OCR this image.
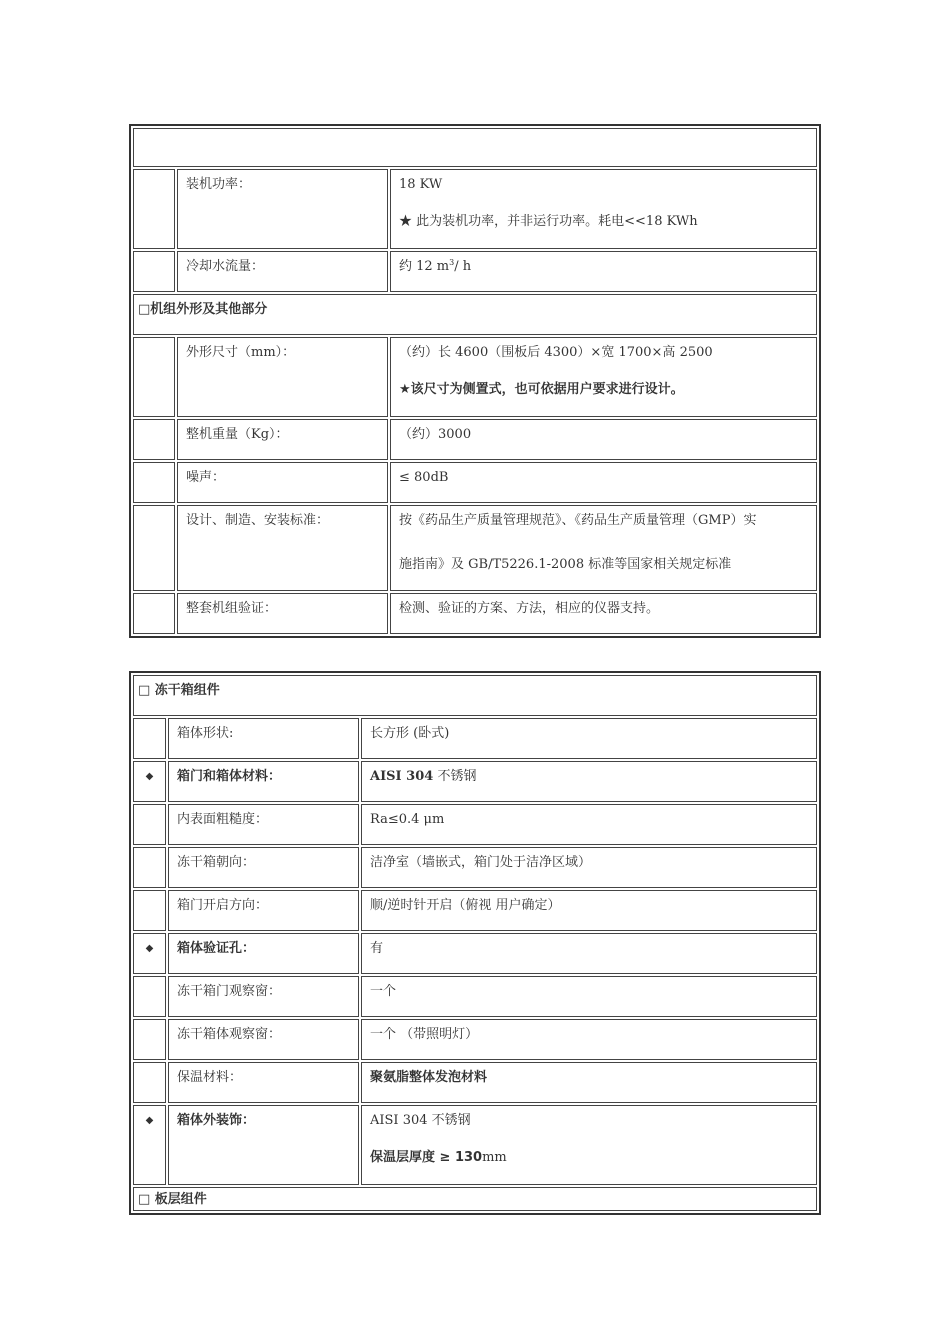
	装机功率：	18 KW

★ 此为装机功率，并非运行功率。耗电<<18 KWh

	冷却水流量：	约 12 $m^3/$ h
□机组外形及其他部分		
	外形尺寸（mm）：	（约）长 4600（围板后 4300）×宽 1700×高 2500

★该尺寸为侧置式，也可依据用户要求进行设计。

	整机重量（Kg）：	（约）3000
	噪声：	≤ 80dB
	设计、制造、安装标准：	按《药品生产质量管理规范》、《药品生产质量管理（GMP）实

施指南》及 GB/T5226.1-2008 标准等国家相关规定标准

	整套机组验证：	检测、验证的方案、方法，相应的仪器支持。
□ 冻干箱组件		
	箱体形状:	长方形 (卧式)
◆	箱门和箱体材料：	AISI 304 不锈钢
	内表面粗糙度：	Ra≤0.4 μm
	冻干箱朝向：	洁净室（墙嵌式，箱门处于洁净区域）
	箱门开启方向：	顺/逆时针开启（俯视 用户确定）
◆	箱体验证孔：	有
	冻干箱门观察窗：	一个
	冻干箱体观察窗：	一个 （带照明灯）
	保温材料：	聚氨脂整体发泡材料
◆	箱体外装饰：	AISI 304 不锈钢

保温层厚度 ≥ 130mm

□ 板层组件		
